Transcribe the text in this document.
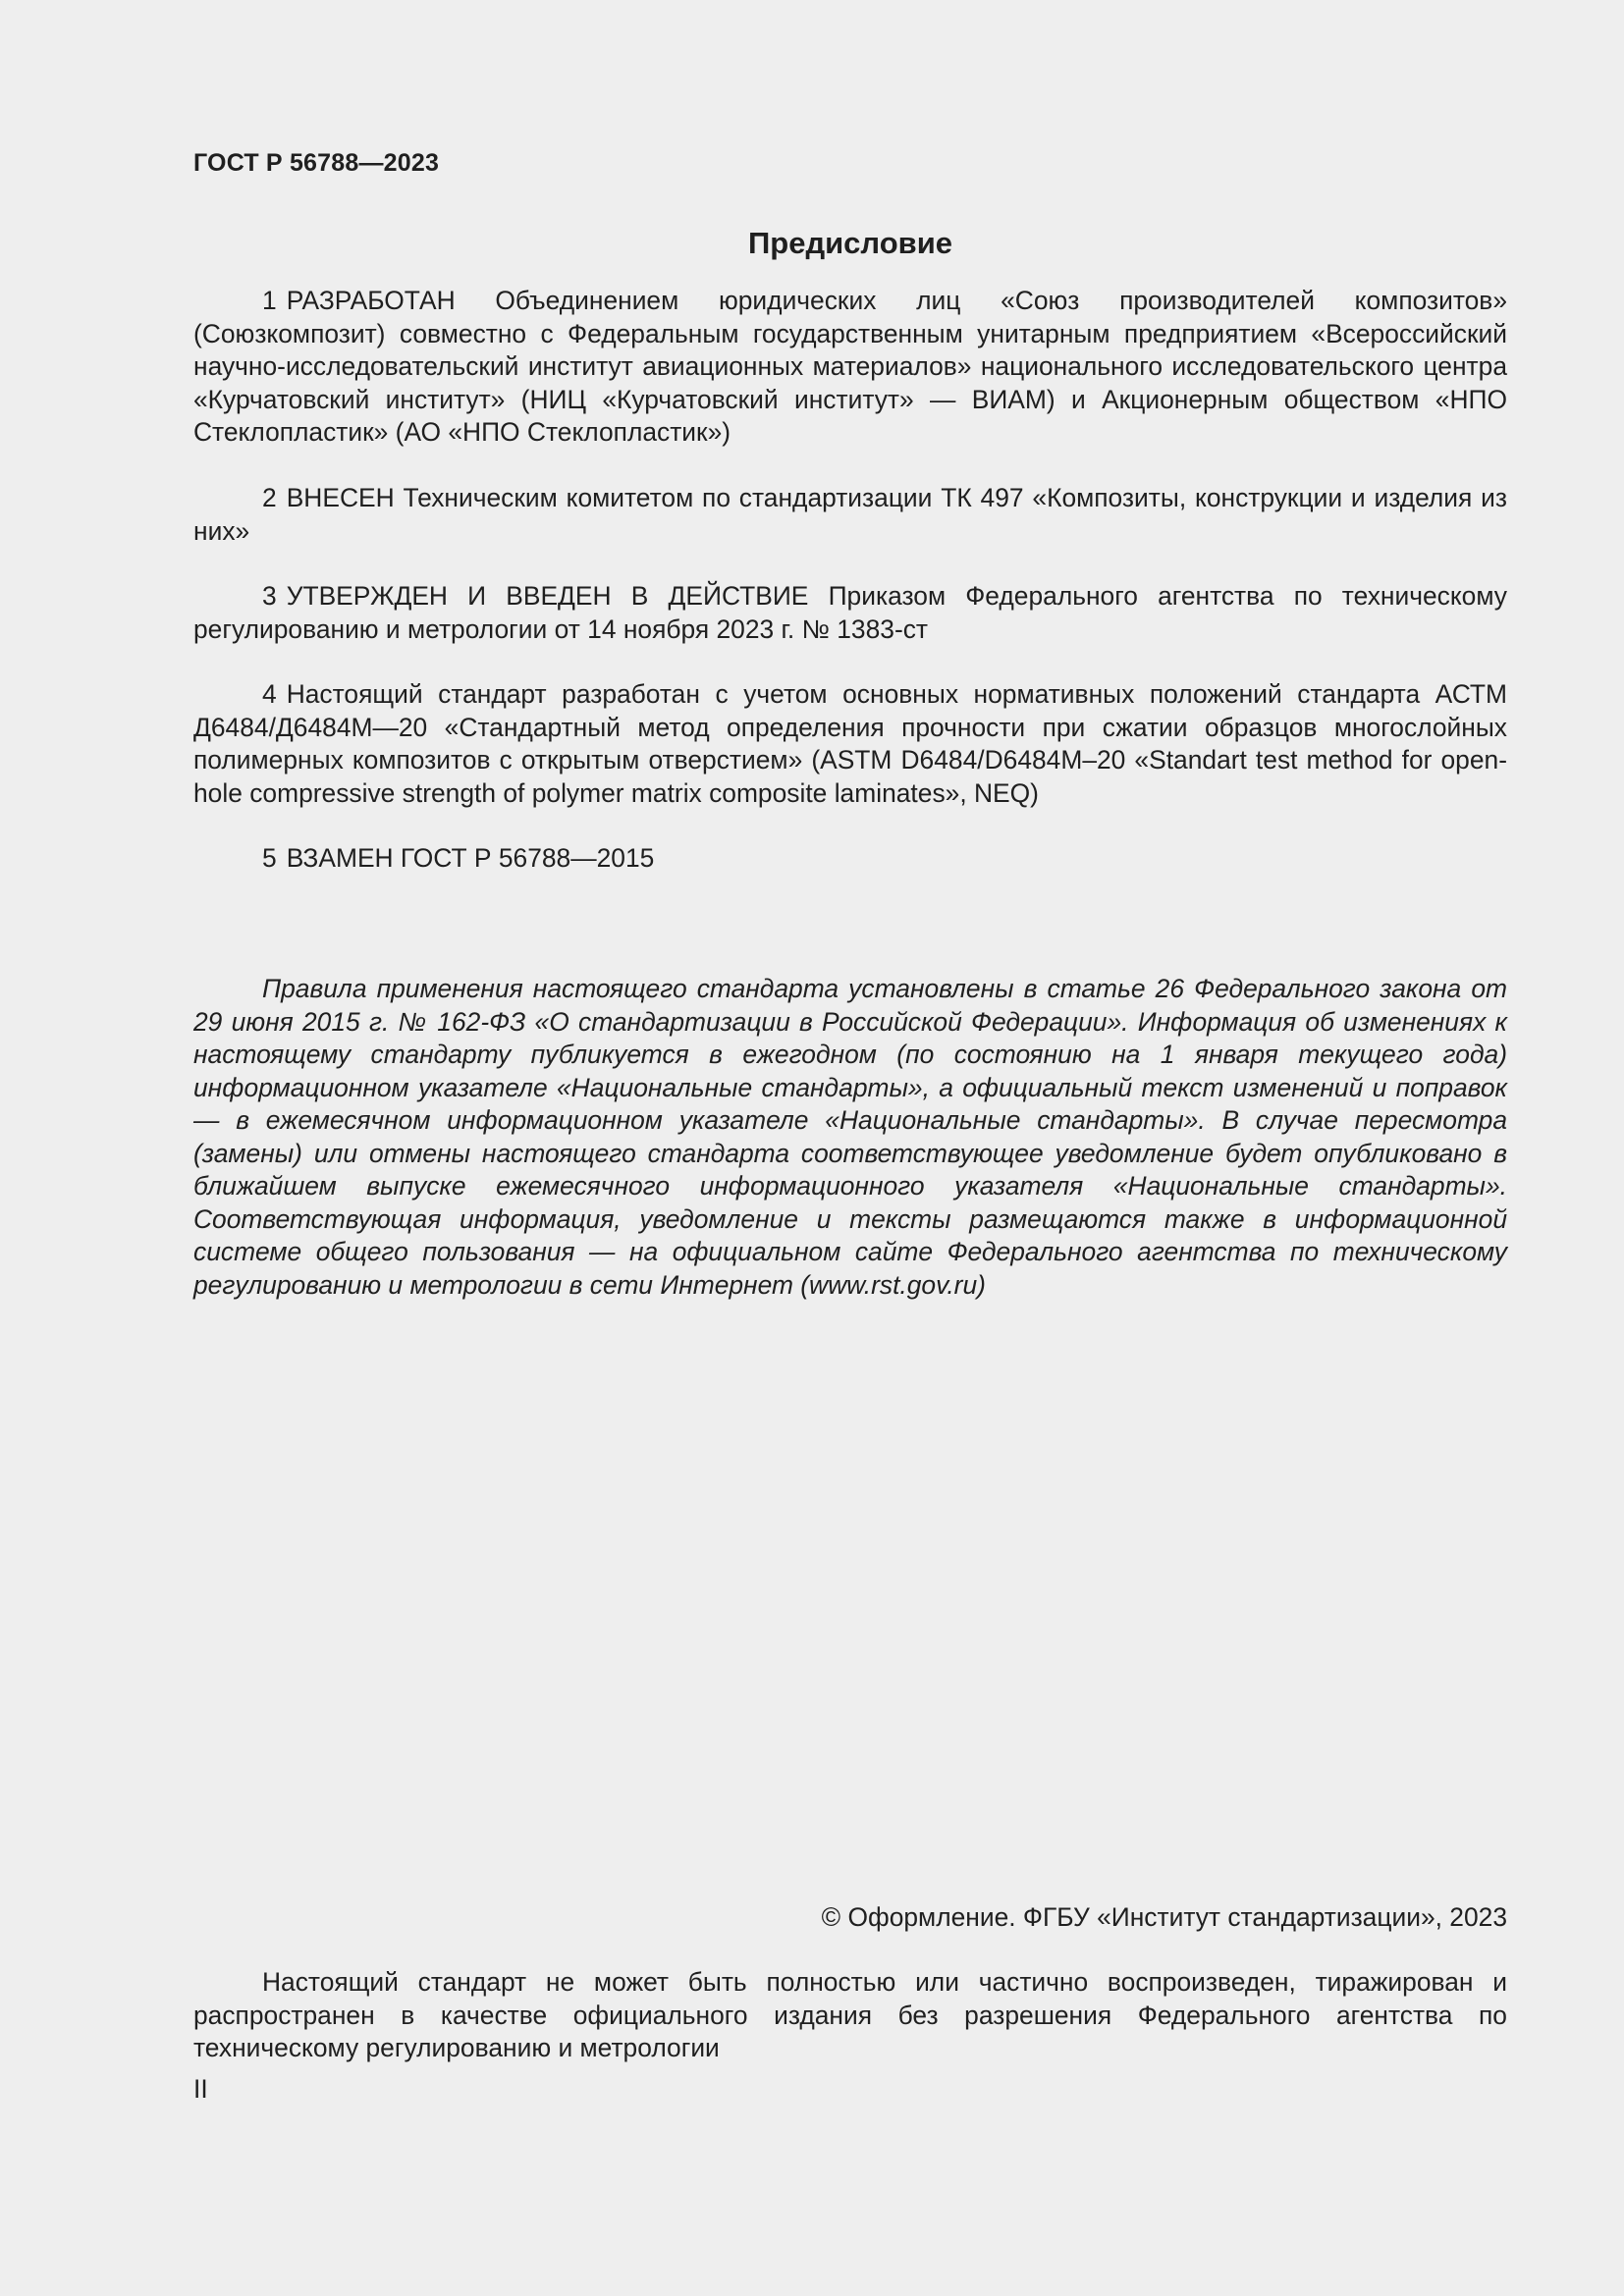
ГОСТ Р 56788—2023
Предисловие
1 РАЗРАБОТАН Объединением юридических лиц «Союз производителей композитов» (Союзкомпозит) совместно с Федеральным государственным унитарным предприятием «Всероссийский научно-исследовательский институт авиационных материалов» национального исследовательского центра «Курчатовский институт» (НИЦ «Курчатовский институт» — ВИАМ) и Акционерным обществом «НПО Стеклопластик» (АО «НПО Стеклопластик»)
2 ВНЕСЕН Техническим комитетом по стандартизации ТК 497 «Композиты, конструкции и изделия из них»
3 УТВЕРЖДЕН И ВВЕДЕН В ДЕЙСТВИЕ Приказом Федерального агентства по техническому регулированию и метрологии от 14 ноября 2023 г. № 1383-ст
4 Настоящий стандарт разработан с учетом основных нормативных положений стандарта АСТМ Д6484/Д6484М—20 «Стандартный метод определения прочности при сжатии образцов многослойных полимерных композитов с открытым отверстием» (ASTM D6484/D6484M–20 «Standart test method for open-hole compressive strength of polymer matrix composite laminates», NEQ)
5 ВЗАМЕН ГОСТ Р 56788—2015
Правила применения настоящего стандарта установлены в статье 26 Федерального закона от 29 июня 2015 г. № 162-ФЗ «О стандартизации в Российской Федерации». Информация об изменениях к настоящему стандарту публикуется в ежегодном (по состоянию на 1 января текущего года) информационном указателе «Национальные стандарты», а официальный текст изменений и поправок — в ежемесячном информационном указателе «Национальные стандарты». В случае пересмотра (замены) или отмены настоящего стандарта соответствующее уведомление будет опубликовано в ближайшем выпуске ежемесячного информационного указателя «Национальные стандарты». Соответствующая информация, уведомление и тексты размещаются также в информационной системе общего пользования — на официальном сайте Федерального агентства по техническому регулированию и метрологии в сети Интернет (www.rst.gov.ru)
© Оформление. ФГБУ «Институт стандартизации», 2023
Настоящий стандарт не может быть полностью или частично воспроизведен, тиражирован и распространен в качестве официального издания без разрешения Федерального агентства по техническому регулированию и метрологии
II
